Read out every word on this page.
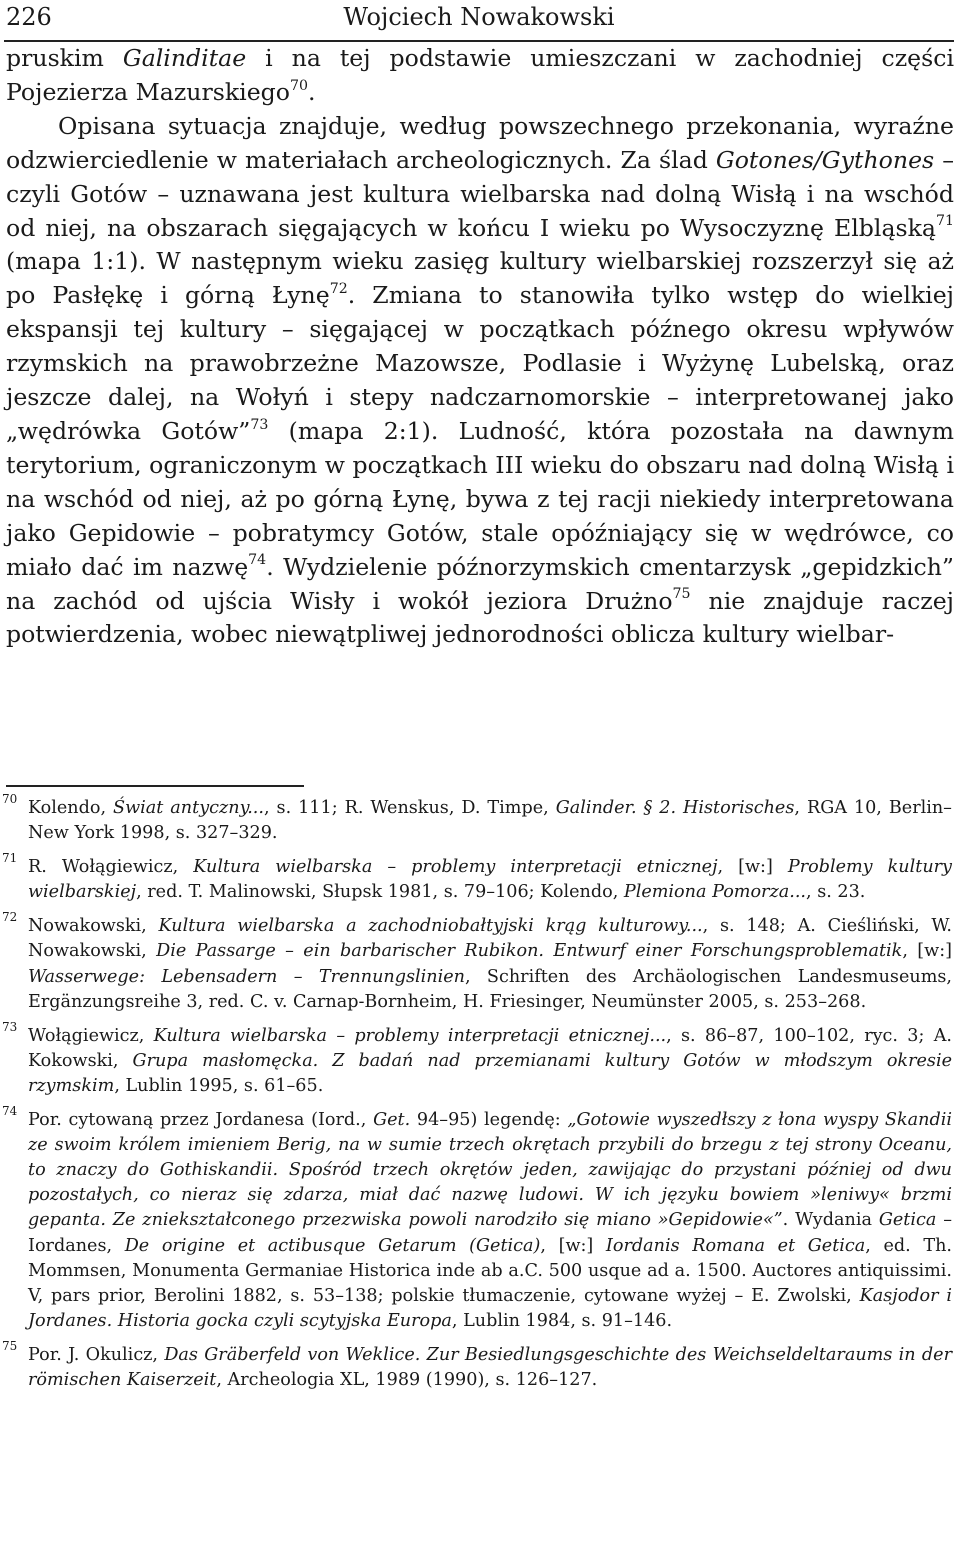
226	Wojciech Nowakowski

pruskim Galinditae i na tej podstawie umieszczani w zachodniej części Pojezierza Mazurskiego$^{70}$.

Opisana sytuacja znajduje, według powszechnego przekonania, wyraźne odzwierciedlenie w materiałach archeologicznych. Za ślad Gotones/Gythones – czyli Gotów – uznawana jest kultura wielbarska nad dolną Wisłą i na wschód od niej, na obszarach sięgających w końcu I wieku po Wysoczyznę Elbląską$^{71}$ (mapa 1:1). W następnym wieku zasięg kultury wielbarskiej rozszerzył się aż po Pasłękę i górną Łynę$^{72}$. Zmiana to stanowiła tylko wstęp do wielkiej ekspansji tej kultury – sięgającej w początkach późnego okresu wpływów rzymskich na prawobrzeżne Mazowsze, Podlasie i Wyżynę Lubelską, oraz jeszcze dalej, na Wołyń i stepy nadczarnomorskie – interpretowanej jako „wędrówka Gotów”$^{73}$ (mapa 2:1). Ludność, która pozostała na dawnym terytorium, ograniczonym w początkach III wieku do obszaru nad dolną Wisłą i na wschód od niej, aż po górną Łynę, bywa z tej racji niekiedy interpretowana jako Gepidowie – pobratymcy Gotów, stale opóźniający się w wędrówce, co miało dać im nazwę$^{74}$. Wydzielenie późnorzymskich cmentarzysk „gepidzkich” na zachód od ujścia Wisły i wokół jeziora Drużno$^{75}$ nie znajduje raczej potwierdzenia, wobec niewątpliwej jednorodności oblicza kultury wielbar-

70 Kolendo, Świat antyczny..., s. 111; R. Wenskus, D. Timpe, Galinder. § 2. Historisches, RGA 10, Berlin–New York 1998, s. 327–329.
71 R. Wołągiewicz, Kultura wielbarska – problemy interpretacji etnicznej, [w:] Problemy kultury wielbarskiej, red. T. Malinowski, Słupsk 1981, s. 79–106; Kolendo, Plemiona Pomorza..., s. 23.
72 Nowakowski, Kultura wielbarska a zachodniobałtyjski krąg kulturowy..., s. 148; A. Cieśliński, W. Nowakowski, Die Passarge – ein barbarischer Rubikon. Entwurf einer Forschungsproblematik, [w:] Wasserwege: Lebensadern – Trennungslinien, Schriften des Archäologischen Landesmuseums, Ergänzungsreihe 3, red. C. v. Carnap-Bornheim, H. Friesinger, Neumünster 2005, s. 253–268.
73 Wołągiewicz, Kultura wielbarska – problemy interpretacji etnicznej..., s. 86–87, 100–102, ryc. 3; A. Kokowski, Grupa masłomęcka. Z badań nad przemianami kultury Gotów w młodszym okresie rzymskim, Lublin 1995, s. 61–65.
74 Por. cytowaną przez Jordanesa (Iord., Get. 94–95) legendę: „Gotowie wyszedłszy z łona wyspy Skandii ze swoim królem imieniem Berig, na w sumie trzech okrętach przybili do brzegu z tej strony Oceanu, to znaczy do Gothiskandii. Spośród trzech okrętów jeden, zawijając do przystani później od dwu pozostałych, co nieraz się zdarza, miał dać nazwę ludowi. W ich języku bowiem »leniwy« brzmi gepanta. Ze zniekształconego przezwiska powoli narodziło się miano »Gepidowie«”. Wydania Getica – Iordanes, De origine et actibusque Getarum (Getica), [w:] Iordanis Romana et Getica, ed. Th. Mommsen, Monumenta Germaniae Historica inde ab a.C. 500 usque ad a. 1500. Auctores antiquissimi. V, pars prior, Berolini 1882, s. 53–138; polskie tłumaczenie, cytowane wyżej – E. Zwolski, Kasjodor i Jordanes. Historia gocka czyli scytyjska Europa, Lublin 1984, s. 91–146.
75 Por. J. Okulicz, Das Gräberfeld von Weklice. Zur Besiedlungsgeschichte des Weichseldeltaraums in der römischen Kaiserzeit, Archeologia XL, 1989 (1990), s. 126–127.
